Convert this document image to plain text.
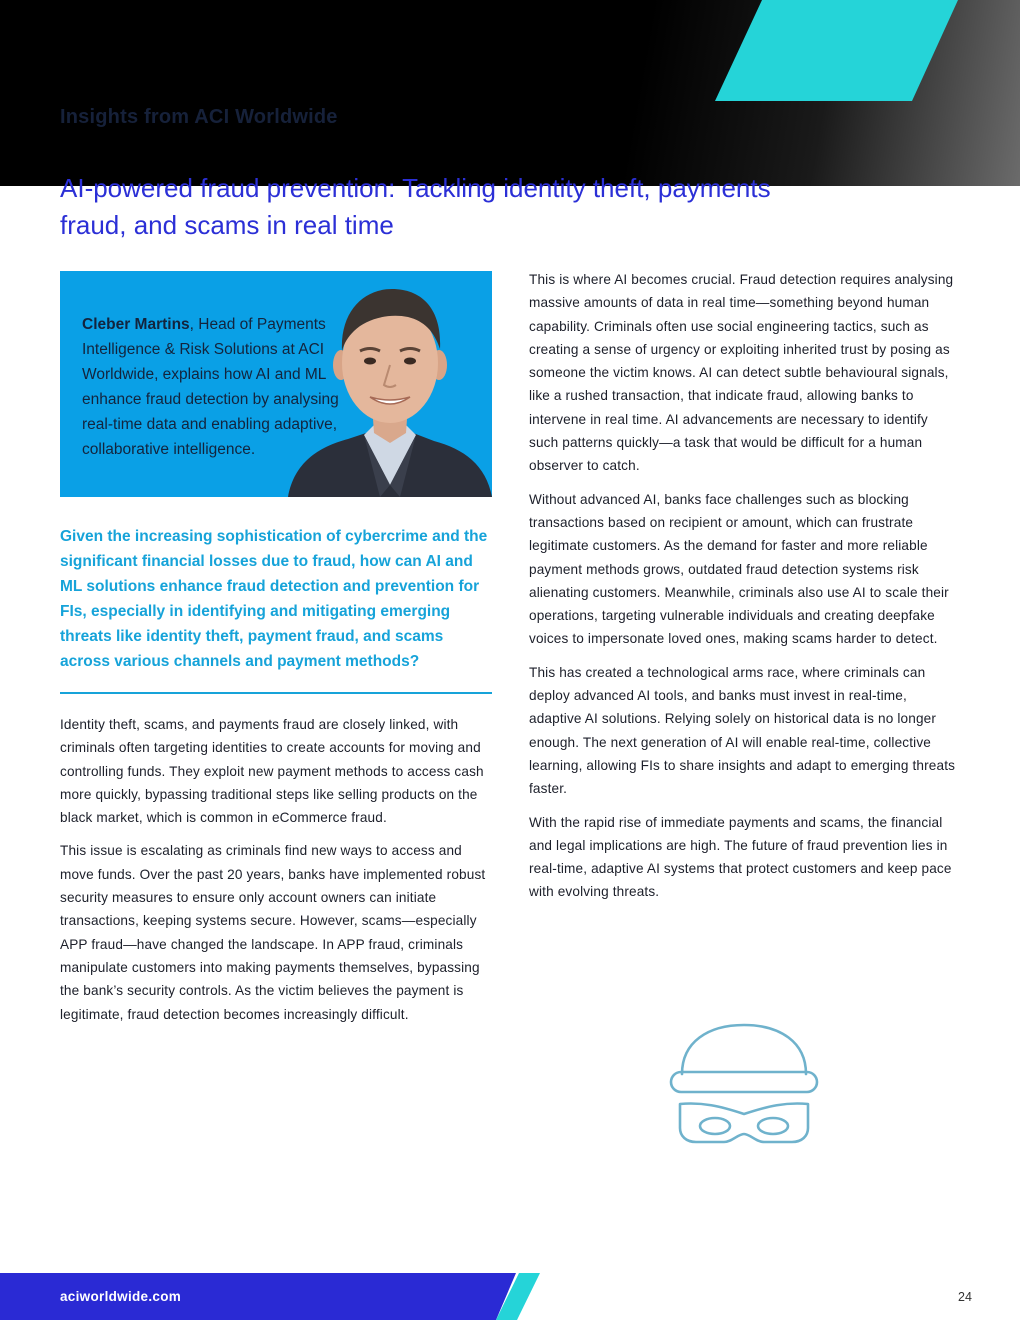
Insights from ACI Worldwide
AI-powered fraud prevention: Tackling identity theft, payments
fraud, and scams in real time
Cleber Martins, Head of Payments Intelligence & Risk Solutions at ACI Worldwide, explains how AI and ML enhance fraud detection by analysing real-time data and enabling adaptive, collaborative intelligence.
Given the increasing sophistication of cybercrime and the significant financial losses due to fraud, how can AI and ML solutions enhance fraud detection and prevention for FIs, especially in identifying and mitigating emerging threats like identity theft, payment fraud, and scams across various channels and payment methods?

Identity theft, scams, and payments fraud are closely linked, with criminals often targeting identities to create accounts for moving and controlling funds. They exploit new payment methods to access cash more quickly, bypassing traditional steps like selling products on the black market, which is common in eCommerce fraud.

This issue is escalating as criminals find new ways to access and move funds. Over the past 20 years, banks have implemented robust security measures to ensure only account owners can initiate transactions, keeping systems secure. However, scams—especially APP fraud—have changed the landscape. In APP fraud, criminals manipulate customers into making payments themselves, bypassing the bank’s security controls. As the victim believes the payment is legitimate, fraud detection becomes increasingly difficult.

This is where AI becomes crucial. Fraud detection requires analysing massive amounts of data in real time—something beyond human capability. Criminals often use social engineering tactics, such as creating a sense of urgency or exploiting inherited trust by posing as someone the victim knows. AI can detect subtle behavioural signals, like a rushed transaction, that indicate fraud, allowing banks to intervene in real time. AI advancements are necessary to identify such patterns quickly—a task that would be difficult for a human observer to catch.

Without advanced AI, banks face challenges such as blocking transactions based on recipient or amount, which can frustrate legitimate customers. As the demand for faster and more reliable payment methods grows, outdated fraud detection systems risk alienating customers. Meanwhile, criminals also use AI to scale their operations, targeting vulnerable individuals and creating deepfake voices to impersonate loved ones, making scams harder to detect.

This has created a technological arms race, where criminals can deploy advanced AI tools, and banks must invest in real-time, adaptive AI solutions. Relying solely on historical data is no longer enough. The next generation of AI will enable real-time, collective learning, allowing FIs to share insights and adapt to emerging threats faster.

With the rapid rise of immediate payments and scams, the financial and legal implications are high. The future of fraud prevention lies in real-time, adaptive AI systems that protect customers and keep pace with evolving threats.

aciworldwide.com	24
